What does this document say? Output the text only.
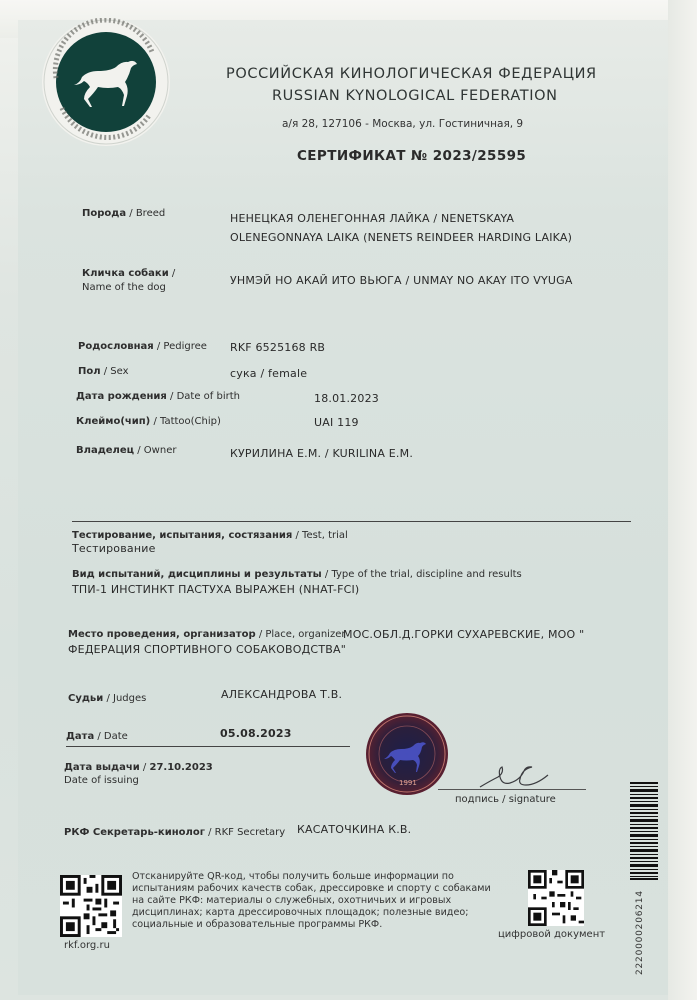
РОССИЙСКАЯ КИНОЛОГИЧЕСКАЯ ФЕДЕРАЦИЯ
RUSSIAN KYNOLOGICAL FEDERATION
а/я 28, 127106 - Москва, ул. Гостиничная, 9
СЕРТИФИКАТ № 2023/25595
Порода / Breed	НЕНЕЦКАЯ ОЛЕНЕГОННАЯ ЛАЙКА / NENETSKAYA
OLENEGONNAYA LAIKA (NENETS REINDEER HARDING LAIKA)
Кличка собаки /
Name of the dog
УНМЭЙ НО АКАЙ ИТО ВЬЮГА / UNMAY NO AKAY ITO VYUGA
Родословная / Pedigree RKF 6525168 RB
Пол / Sex	сука / female
Дата рождения / Date of birth	18.01.2023
Клеймо(чип) / Tattoo(Chip)	UAI 119
Владелец / Owner	КУРИЛИНА Е.М. / KURILINA E.M.
Тестирование, испытания, состязания / Test, trial
Тестирование
Вид испытаний, дисциплины и результаты / Type of the trial, discipline and results
ТПИ-1 ИНСТИНКТ ПАСТУХА ВЫРАЖЕН (NHAT-FCI)
Место проведения, организатор / Place, organizer
МОС.ОБЛ.Д.ГОРКИ СУХАРЕВСКИЕ, МОО "
ФЕДЕРАЦИЯ СПОРТИВНОГО СОБАКОВОДСТВА"
Судьи / Judges	АЛЕКСАНДРОВА Т.В.
Дата / Date	05.08.2023
Дата выдачи / 27.10.2023
Date of issuing	1991
подпись / signature
РКФ Секретарь-кинолог / RKF Secretary КАСАТОЧКИНА К.В.
rkf.org.ru
Отсканируйте QR-код, чтобы получить больше информации по
испытаниям рабочих качеств собак, дрессировке и спорту с собаками
на сайте РКФ: материалы о служебных, охотничьих и игровых
дисциплинах; карта дрессировочных площадок; полезные видео;
социальные и образовательные программы РКФ.
цифровой документ	2220000206214
